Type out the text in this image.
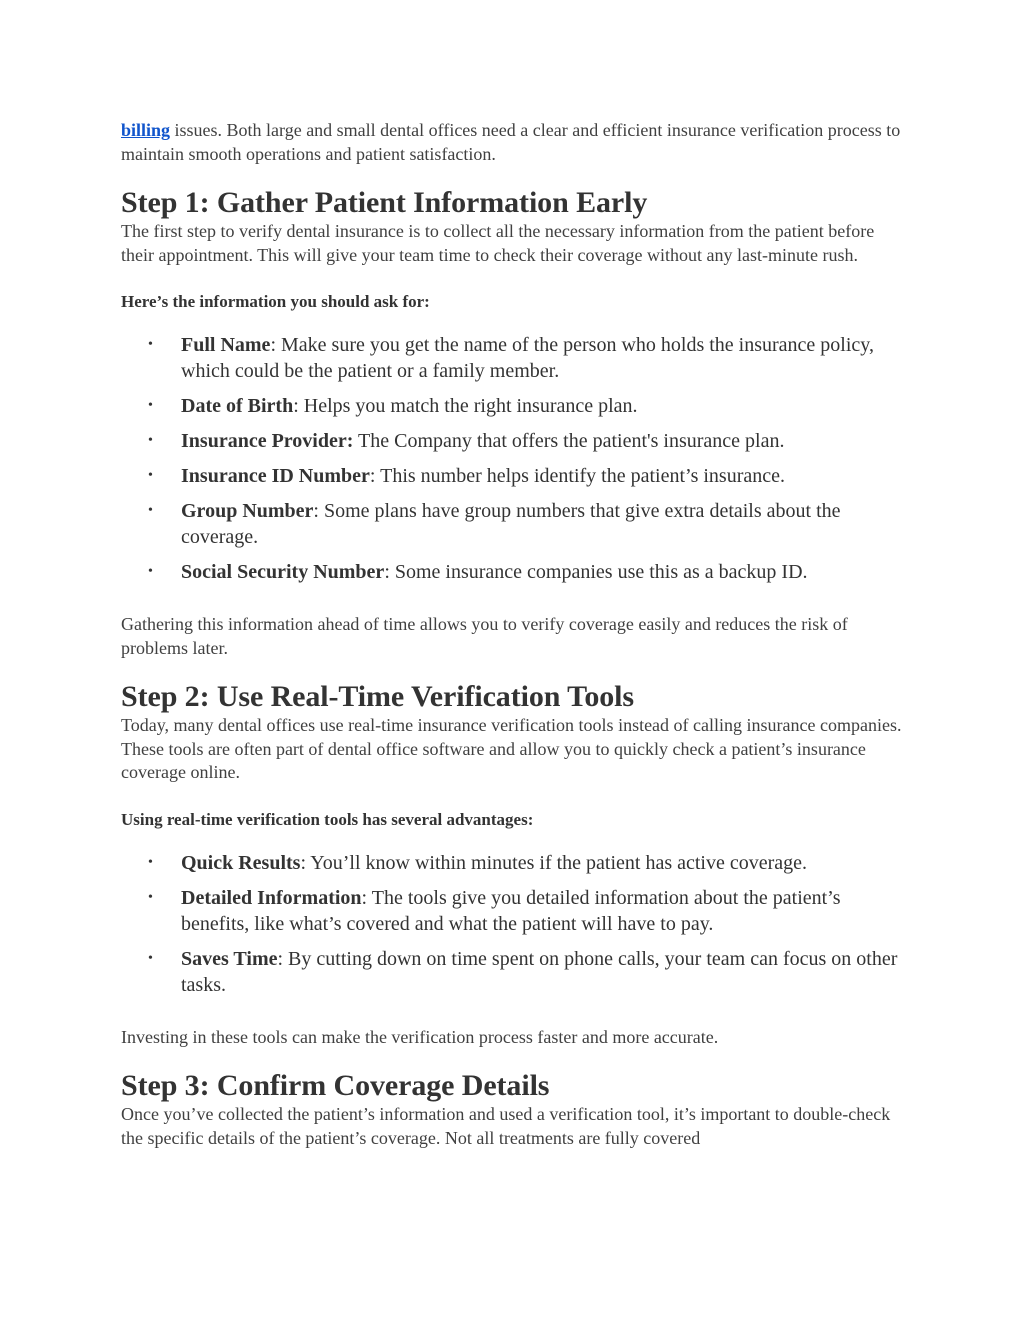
billing issues. Both large and small dental offices need a clear and efficient insurance verification process to maintain smooth operations and patient satisfaction.

Step 1: Gather Patient Information Early

The first step to verify dental insurance is to collect all the necessary information from the patient before their appointment. This will give your team time to check their coverage without any last-minute rush.

Here’s the information you should ask for:

• Full Name: Make sure you get the name of the person who holds the insurance policy, which could be the patient or a family member.
• Date of Birth: Helps you match the right insurance plan.
• Insurance Provider: The Company that offers the patient's insurance plan.
• Insurance ID Number: This number helps identify the patient’s insurance.
• Group Number: Some plans have group numbers that give extra details about the coverage.
• Social Security Number: Some insurance companies use this as a backup ID.

Gathering this information ahead of time allows you to verify coverage easily and reduces the risk of problems later.

Step 2: Use Real-Time Verification Tools

Today, many dental offices use real-time insurance verification tools instead of calling insurance companies. These tools are often part of dental office software and allow you to quickly check a patient’s insurance coverage online.

Using real-time verification tools has several advantages:

• Quick Results: You’ll know within minutes if the patient has active coverage.
• Detailed Information: The tools give you detailed information about the patient’s benefits, like what’s covered and what the patient will have to pay.
• Saves Time: By cutting down on time spent on phone calls, your team can focus on other tasks.

Investing in these tools can make the verification process faster and more accurate.

Step 3: Confirm Coverage Details

Once you’ve collected the patient’s information and used a verification tool, it’s important to double-check the specific details of the patient’s coverage. Not all treatments are fully covered
